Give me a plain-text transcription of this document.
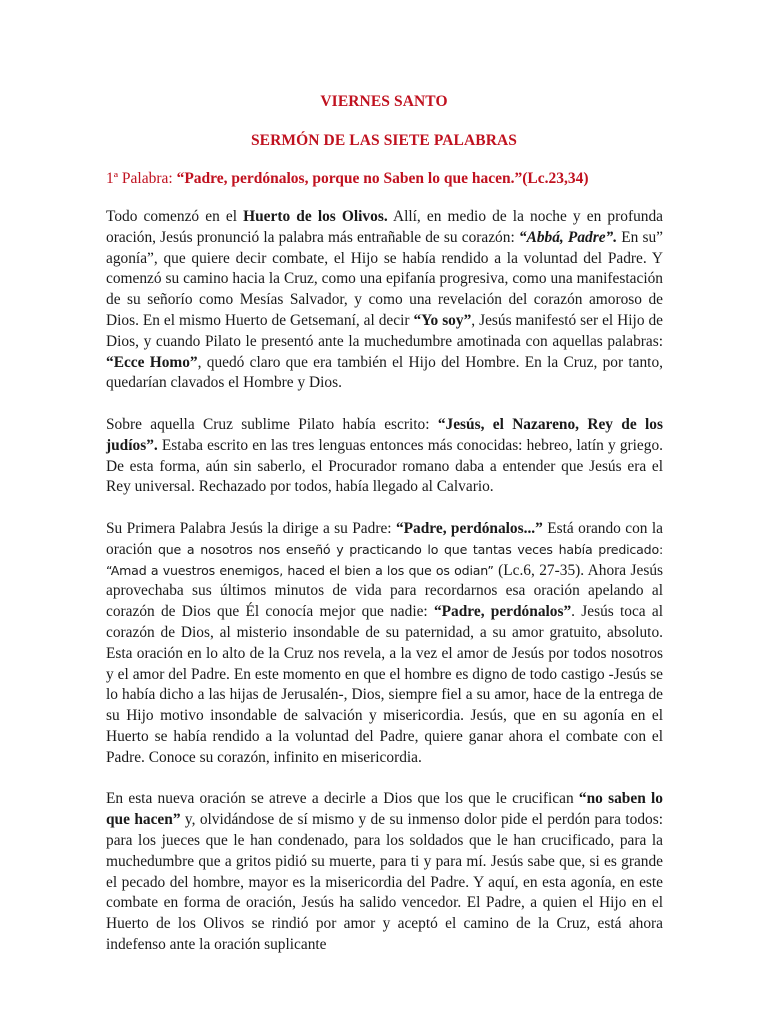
VIERNES SANTO
SERMÓN DE LAS SIETE PALABRAS
1ª Palabra: “Padre, perdónalos, porque no Saben lo que hacen.”(Lc.23,34)

Todo comenzó en el Huerto de los Olivos. Allí, en medio de la noche y en profunda oración, Jesús pronunció la palabra más entrañable de su corazón: “Abbá, Padre”. En su” agonía”, que quiere decir combate, el Hijo se había rendido a la voluntad del Padre. Y comenzó su camino hacia la Cruz, como una epifanía progresiva, como una manifestación de su señorío como Mesías Salvador, y como una revelación del corazón amoroso de Dios. En el mismo Huerto de Getsemaní, al decir “Yo soy”, Jesús manifestó ser el Hijo de Dios, y cuando Pilato le presentó ante la muchedumbre amotinada con aquellas palabras: “Ecce Homo”, quedó claro que era también el Hijo del Hombre. En la Cruz, por tanto, quedarían clavados el Hombre y Dios.

Sobre aquella Cruz sublime Pilato había escrito: “Jesús, el Nazareno, Rey de los judíos”. Estaba escrito en las tres lenguas entonces más conocidas: hebreo, latín y griego. De esta forma, aún sin saberlo, el Procurador romano daba a entender que Jesús era el Rey universal. Rechazado por todos, había llegado al Calvario.

Su Primera Palabra Jesús la dirige a su Padre: “Padre, perdónalos...” Está orando con la oración que a nosotros nos enseñó y practicando lo que tantas veces había predicado: “Amad a vuestros enemigos, haced el bien a los que os odian” (Lc.6, 27-35). Ahora Jesús aprovechaba sus últimos minutos de vida para recordarnos esa oración apelando al corazón de Dios que Él conocía mejor que nadie: “Padre, perdónalos”. Jesús toca al corazón de Dios, al misterio insondable de su paternidad, a su amor gratuito, absoluto. Esta oración en lo alto de la Cruz nos revela, a la vez el amor de Jesús por todos nosotros y el amor del Padre. En este momento en que el hombre es digno de todo castigo -Jesús se lo había dicho a las hijas de Jerusalén-, Dios, siempre fiel a su amor, hace de la entrega de su Hijo motivo insondable de salvación y misericordia. Jesús, que en su agonía en el Huerto se había rendido a la voluntad del Padre, quiere ganar ahora el combate con el Padre. Conoce su corazón, infinito en misericordia.

En esta nueva oración se atreve a decirle a Dios que los que le crucifican “no saben lo que hacen” y, olvidándose de sí mismo y de su inmenso dolor pide el perdón para todos: para los jueces que le han condenado, para los soldados que le han crucificado, para la muchedumbre que a gritos pidió su muerte, para ti y para mí. Jesús sabe que, si es grande el pecado del hombre, mayor es la misericordia del Padre. Y aquí, en esta agonía, en este combate en forma de oración, Jesús ha salido vencedor. El Padre, a quien el Hijo en el Huerto de los Olivos se rindió por amor y aceptó el camino de la Cruz, está ahora indefenso ante la oración suplicante
